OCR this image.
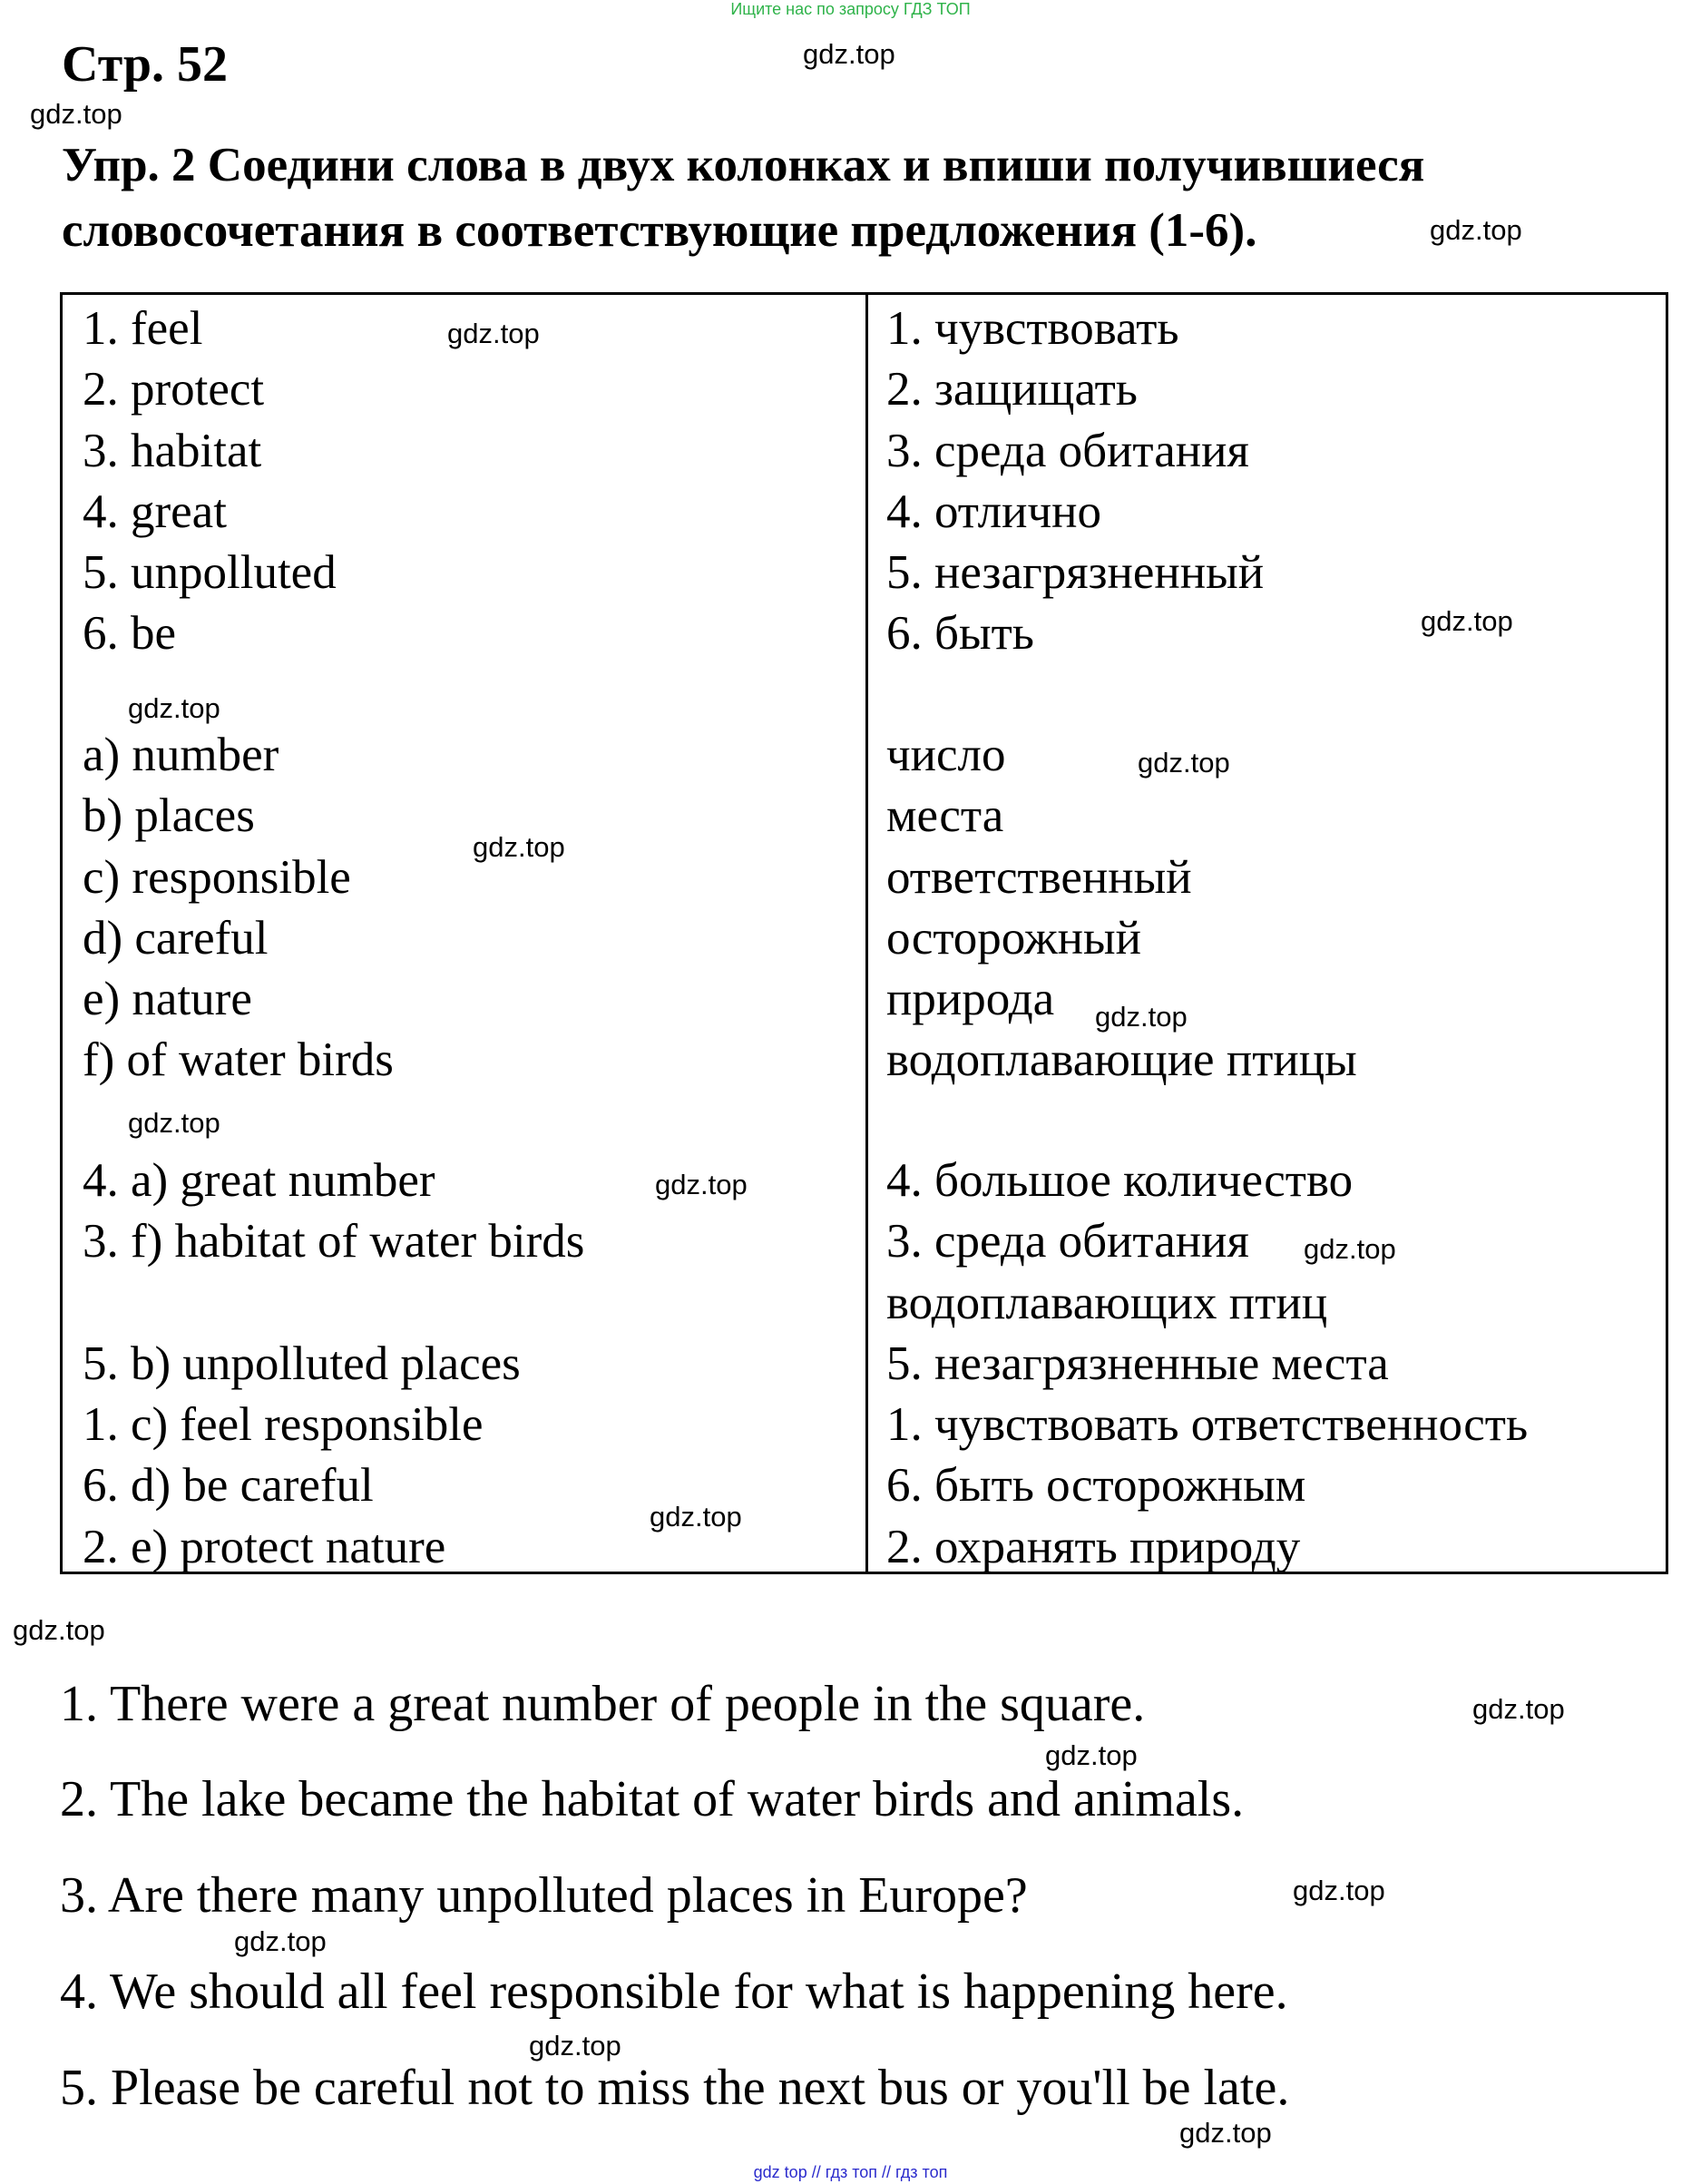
Ищите нас по запросу ГДЗ ТОП
Стр. 52
Упр. 2 Соедини слова в двух колонках и впиши получившиеся словосочетания в соответствующие предложения (1-6).
1. feel
2. protect
3. habitat
4. great
5. unpolluted
6. be
a) number
b) places
c) responsible
d) careful
e) nature
f) of water birds
4. a) great number
3. f) habitat of water birds
5. b) unpolluted places
1. c) feel responsible
6. d) be careful
2. e) protect nature
1. чувствовать
2. защищать
3. среда обитания
4. отлично
5. незагрязненный
6. быть
число
места
ответственный
осторожный
природа
водоплавающие птицы
4. большое количество
3. среда обитания
водоплавающих птиц
5. незагрязненные места
1. чувствовать ответственность
6. быть осторожным
2. охранять природу
1. There were a great number of people in the square.
2. The lake became the habitat of water birds and animals.
3. Are there many unpolluted places in Europe?
4. We should all feel responsible for what is happening here.
5. Please be careful not to miss the next bus or you'll be late.
gdz.top
gdz.top
gdz.top
gdz.top
gdz.top
gdz.top
gdz.top
gdz.top
gdz.top
gdz.top
gdz.top
gdz.top
gdz.top
gdz.top
gdz.top
gdz.top
gdz.top
gdz.top
gdz.top
gdz.top
gdz top // гдз топ // гдз топ
